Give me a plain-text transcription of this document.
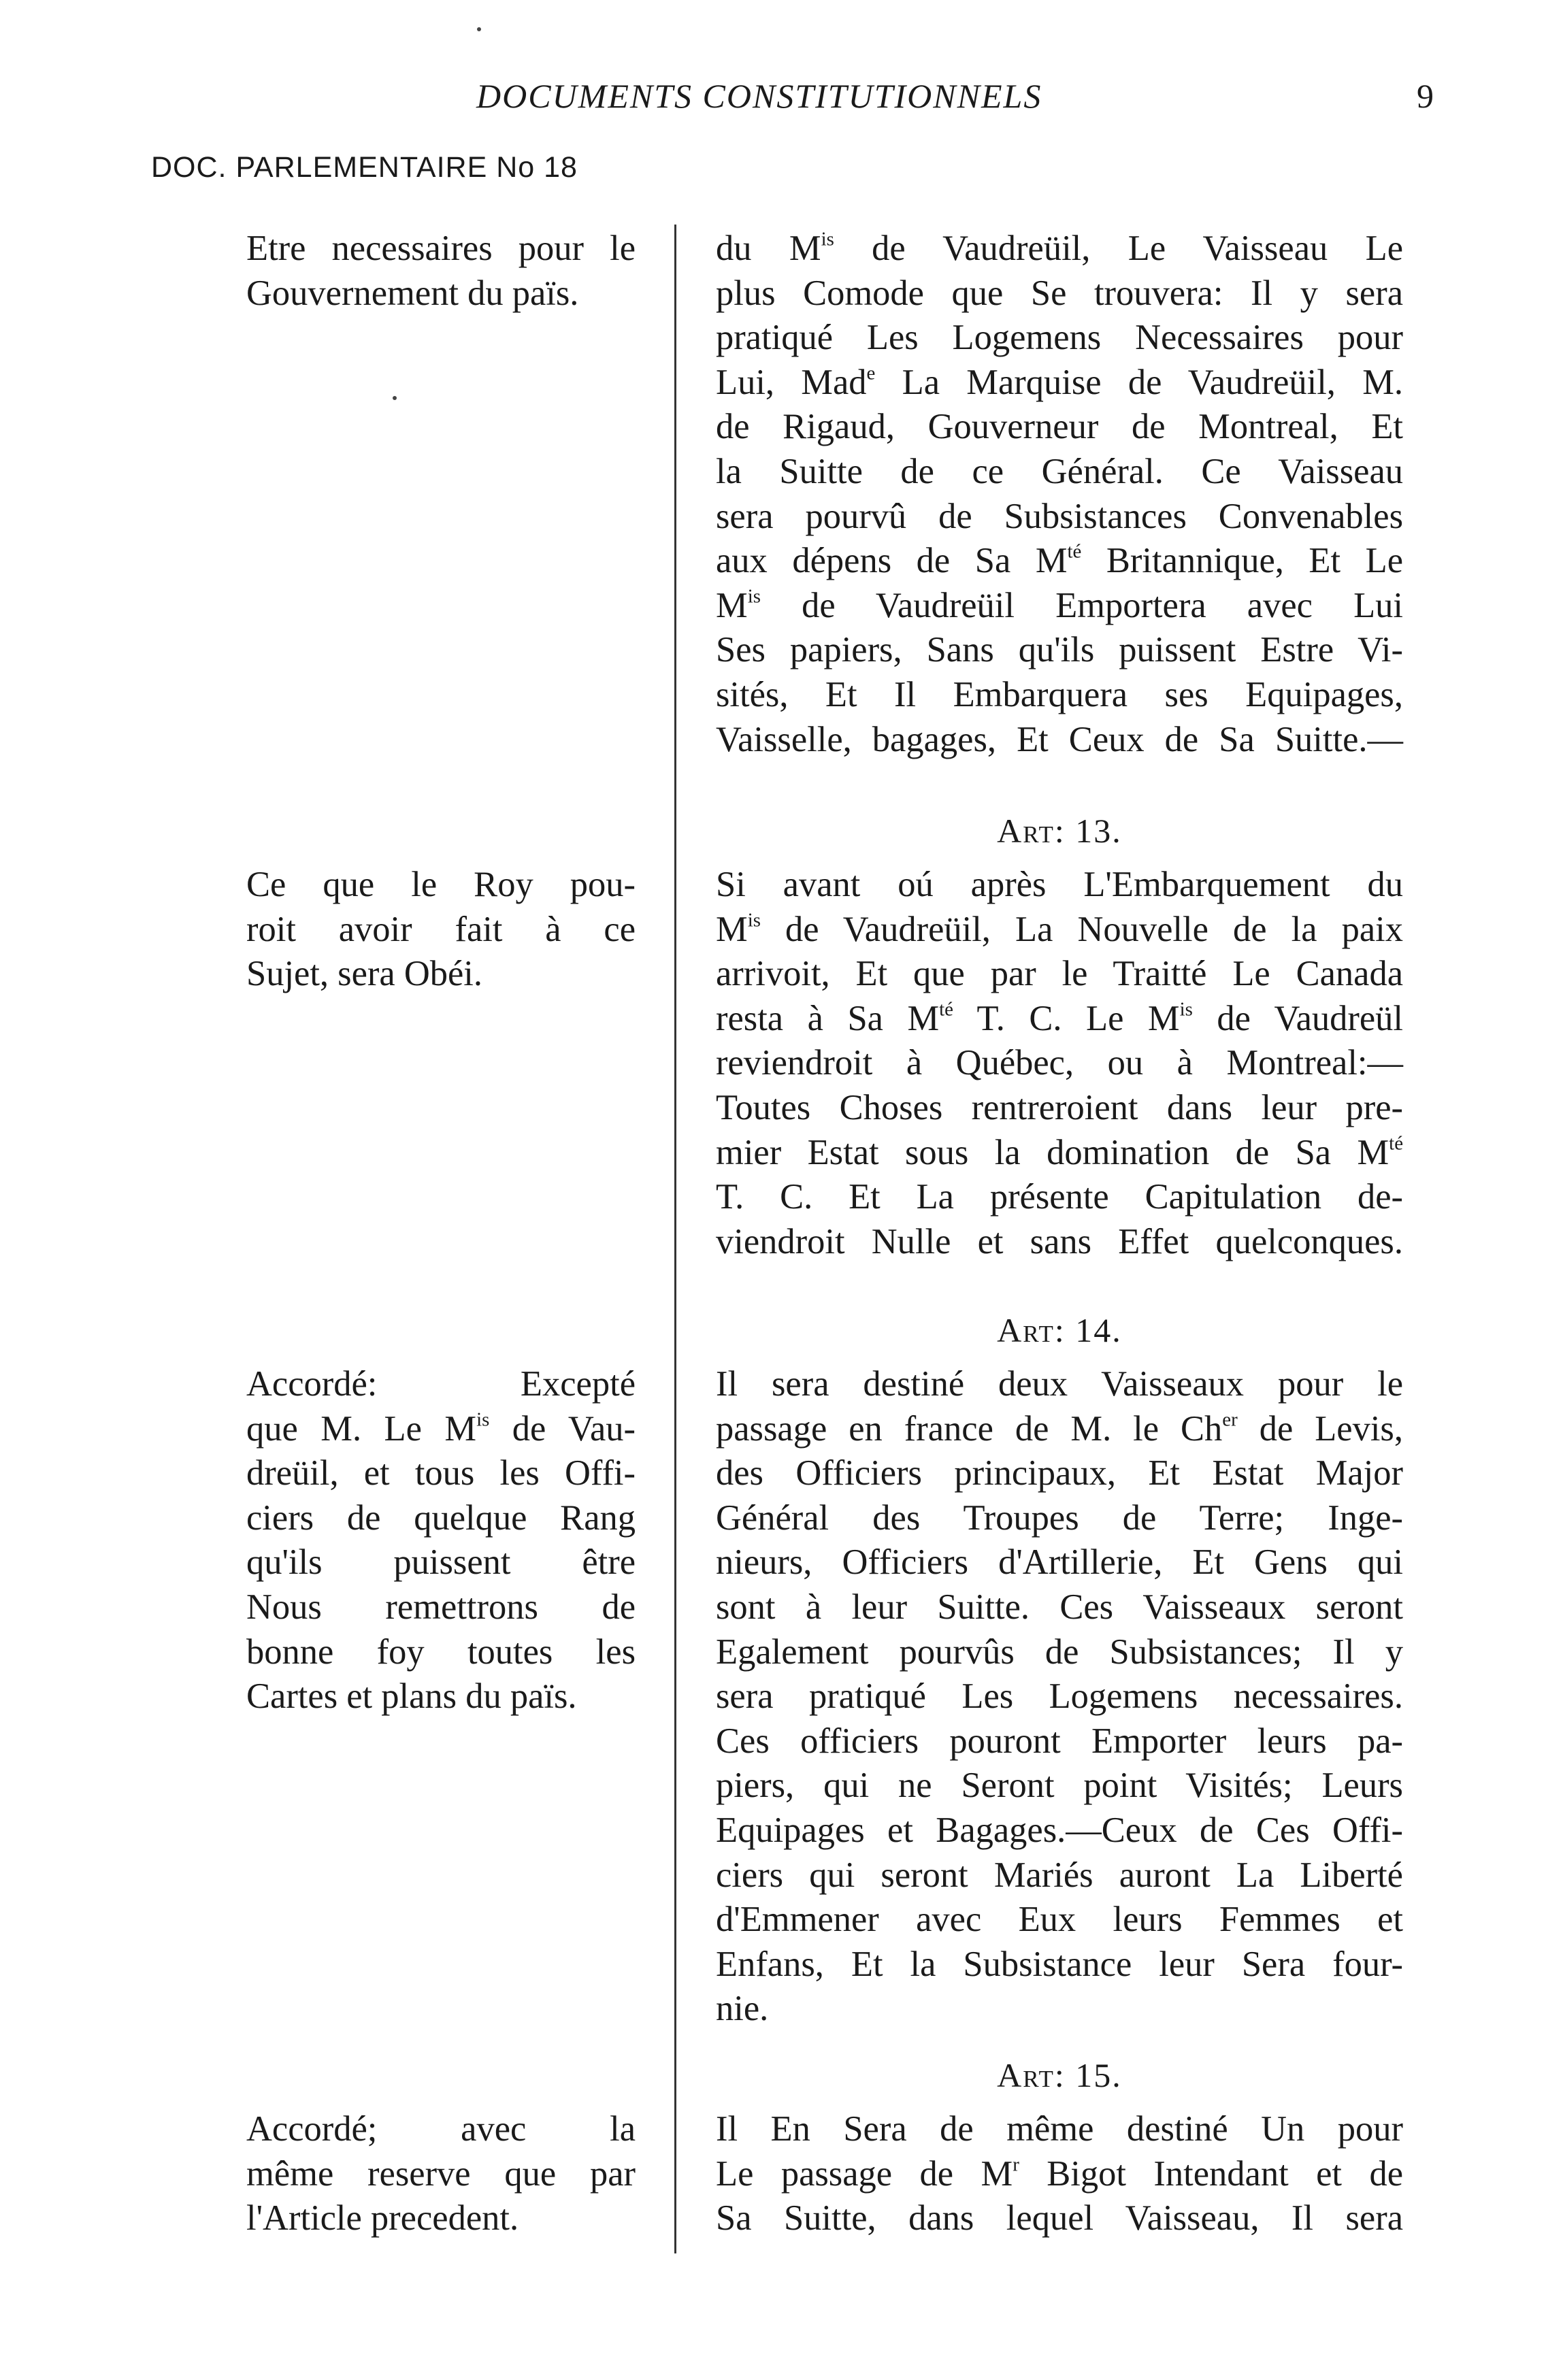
DOCUMENTS CONSTITUTIONNELS	9
DOC. PARLEMENTAIRE No 18

Etre necessaires pour le
Gouvernement du païs.

Ce que le Roy pou-
roit avoir fait à ce
Sujet, sera Obéi.

Accordé: Excepté
que M. Le $M^{is}$ de Vau-
dreüil, et tous les Offi-
ciers de quelque Rang
qu'ils puissent être
Nous remettrons de
bonne foy toutes les
Cartes et plans du païs.

Accordé; avec la
même reserve que par
l'Article precedent.

du $M^{is}$ de Vaudreüil, Le Vaisseau Le
plus Comode que Se trouvera: Il y sera
pratiqué Les Logemens Necessaires pour
Lui, Mad$^e$ La Marquise de Vaudreüil, M.
de Rigaud, Gouverneur de Montreal, Et
la Suitte de ce Général. Ce Vaisseau
sera pourvû de Subsistances Convenables
aux dépens de Sa $M^{té}$ Britannique, Et Le
$M^{is}$ de Vaudreüil Emportera avec Lui
Ses papiers, Sans qu'ils puissent Estre Vi-
sités, Et Il Embarquera ses Equipages,
Vaisselle, bagages, Et Ceux de Sa Suitte.—

Art: 13.

Si avant oú après L'Embarquement du
$M^{is}$ de Vaudreüil, La Nouvelle de la paix
arrivoit, Et que par le Traitté Le Canada
resta à Sa $M^{té}$ T. C. Le $M^{is}$ de Vaudreül
reviendroit à Québec, ou à Montreal:—
Toutes Choses rentreroient dans leur pre-
mier Estat sous la domination de Sa $M^{té}$
T. C. Et La présente Capitulation de-
viendroit Nulle et sans Effet quelconques.

Art: 14.

Il sera destiné deux Vaisseaux pour le
passage en france de M. le $Ch^{er}$ de Levis,
des Officiers principaux, Et Estat Major
Général des Troupes de Terre; Inge-
nieurs, Officiers d'Artillerie, Et Gens qui
sont à leur Suitte. Ces Vaisseaux seront
Egalement pourvûs de Subsistances; Il y
sera pratiqué Les Logemens necessaires.
Ces officiers pouront Emporter leurs pa-
piers, qui ne Seront point Visités; Leurs
Equipages et Bagages.—Ceux de Ces Offi-
ciers qui seront Mariés auront La Liberté
d'Emmener avec Eux leurs Femmes et
Enfans, Et la Subsistance leur Sera four-
nie.

Art: 15.

Il En Sera de même destiné Un pour
Le passage de $M^r$ Bigot Intendant et de
Sa Suitte, dans lequel Vaisseau, Il sera
